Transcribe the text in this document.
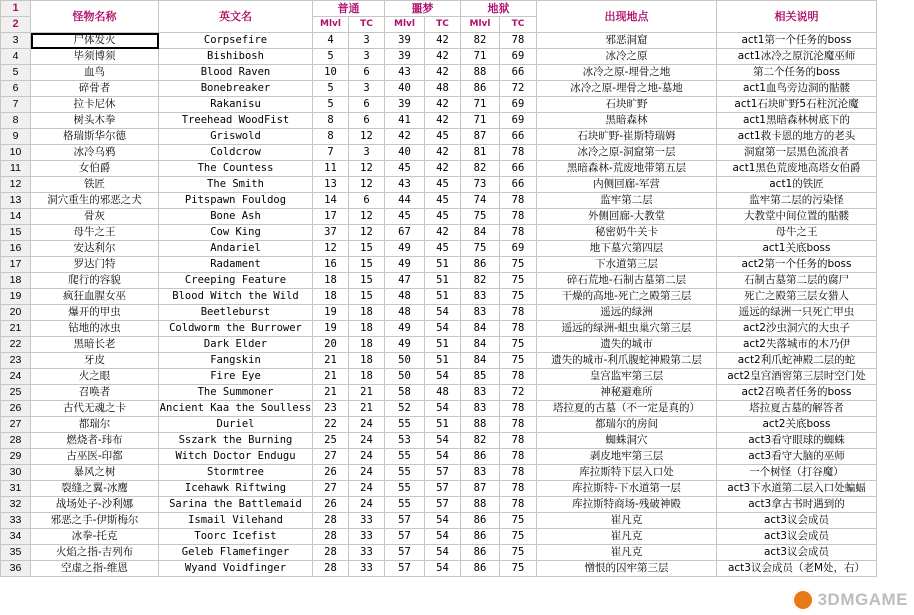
1	怪物名称	英文名	普通		噩梦		地狱		出现地点	相关说明
2			Mlvl	TC	Mlvl	TC	Mlvl	TC		
3	尸体发火	Corpsefire	4	3	39	42	82	78	邪恶洞窟	act1第一个任务的boss
4	毕须博须	Bishibosh	5	3	39	42	71	69	冰冷之原	act1冰冷之原沉沦魔巫师
5	血鸟	Blood Raven	10	6	43	42	88	66	冰冷之原-埋骨之地	第二个任务的boss
6	碎骨者	Bonebreaker	5	3	40	48	86	72	冰冷之原-埋骨之地-墓地	act1血鸟旁边洞的骷髅
7	拉卡尼休	Rakanisu	5	6	39	42	71	69	石块旷野	act1石块旷野5石柱沉沦魔
8	树头木拳	Treehead WoodFist	8	6	41	42	71	69	黑暗森林	act1黑暗森林树底下的
9	格瑞斯华尔德	Griswold	8	12	42	45	87	66	石块旷野-崔斯特瑞姆	act1救卡恩的地方的老头
10	冰冷乌鸦	Coldcrow	7	3	40	42	81	78	冰冷之原-洞窟第一层	洞窟第一层黑色流浪者
11	女伯爵	The Countess	11	12	45	42	82	66	黑暗森林-荒废地带第五层	act1黑色荒废地高塔女伯爵
12	铁匠	The Smith	13	12	43	45	73	66	内侧回廊-军营	act1的铁匠
13	洞穴重生的邪恶之犬	Pitspawn Fouldog	14	6	44	45	74	78	监牢第二层	监牢第二层的污染怪
14	骨灰	Bone Ash	17	12	45	45	75	78	外侧回廊-大教堂	大教堂中间位置的骷髅
15	母牛之王	Cow King	37	12	67	42	84	78	秘密奶牛关卡	母牛之王
16	安达利尔	Andariel	12	15	49	45	75	69	地下墓穴第四层	act1关底boss
17	罗达门特	Radament	16	15	49	51	86	75	下水道第三层	act2第一个任务的boss
18	爬行的容貌	Creeping Feature	18	15	47	51	82	75	碎石荒地-石制古墓第二层	石制古墓第二层的腐尸
19	疯狂血腥女巫	Blood Witch the Wild	18	15	48	51	83	75	干燥的高地-死亡之殿第三层	死亡之殿第三层女猎人
20	爆开的甲虫	Beetleburst	19	18	48	54	83	78	遥远的绿洲	遥远的绿洲一只死亡甲虫
21	钻地的冰虫	Coldworm the Burrower	19	18	49	54	84	78	遥远的绿洲-蛆虫巢穴第三层	act2沙虫洞穴的大虫子
22	黑暗长老	Dark Elder	20	18	49	51	84	75	遗失的城市	act2失落城市的木乃伊
23	牙皮	Fangskin	21	18	50	51	84	75	遗失的城市-利爪腹蛇神殿第二层	act2利爪蛇神殿二层的蛇
24	火之眼	Fire Eye	21	18	50	54	85	78	皇宫监牢第三层	act2皇宫酒窖第三层时空门处
25	召唤者	The Summoner	21	21	58	48	83	72	神秘避难所	act2召唤者任务的boss
26	古代无魂之卡	Ancient Kaa the Soulless	23	21	52	54	83	78	塔拉夏的古墓（不一定是真的）	塔拉夏古墓的解答者
27	都瑞尔	Duriel	22	24	55	51	88	78	都瑞尔的房间	act2关底boss
28	燃烧者-玮布	Sszark the Burning	25	24	53	54	82	78	蜘蛛洞穴	act3看守眼球的蜘蛛
29	古巫医-印都	Witch Doctor Endugu	27	24	55	54	86	78	剥皮地牢第三层	act3看守大脑的巫师
30	暴风之树	Stormtree	26	24	55	57	83	78	库拉斯特下层入口处	一个树怪（打谷魔）
31	裂缝之翼-冰鹰	Icehawk Riftwing	27	24	55	57	87	78	库拉斯特-下水道第一层	act3下水道第二层入口处蝙蝠
32	战场处子-沙利娜	Sarina the Battlemaid	26	24	55	57	88	78	库拉斯特商场-残破神殿	act3拿古书时遇到的
33	邪恶之手-伊斯梅尔	Ismail Vilehand	28	33	57	54	86	75	崔凡克	act3议会成员
34	冰拳-托克	Toorc Icefist	28	33	57	54	86	75	崔凡克	act3议会成员
35	火焰之指-吉列布	Geleb Flamefinger	28	33	57	54	86	75	崔凡克	act3议会成员
36	空虚之指-维恩	Wyand Voidfinger	28	33	57	54	86	75	憎恨的囚牢第三层	act3议会成员（老M处，右）
3DMGAME
